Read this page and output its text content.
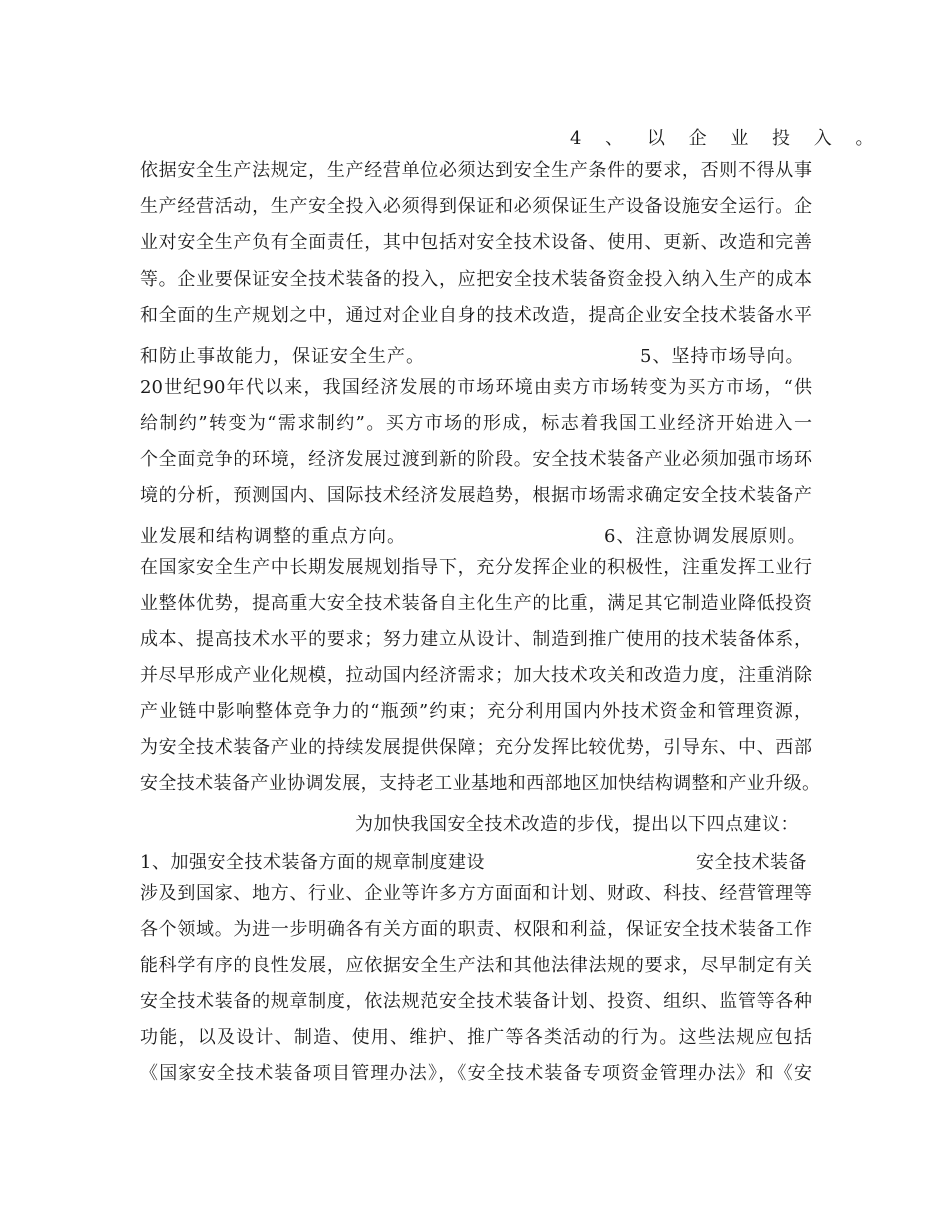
4 、 以 企 业 投 入 。
依据安全生产法规定，生产经营单位必须达到安全生产条件的要求，否则不得从事
生产经营活动，生产安全投入必须得到保证和必须保证生产设备设施安全运行。企
业对安全生产负有全面责任，其中包括对安全技术设备、使用、更新、改造和完善
等。企业要保证安全技术装备的投入，应把安全技术装备资金投入纳入生产的成本
和全面的生产规划之中，通过对企业自身的技术改造，提高企业安全技术装备水平
和防止事故能力，保证安全生产。	5、坚持市场导向。
20世纪90年代以来，我国经济发展的市场环境由卖方市场转变为买方市场，“供
给制约”转变为“需求制约”。买方市场的形成，标志着我国工业经济开始进入一
个全面竞争的环境，经济发展过渡到新的阶段。安全技术装备产业必须加强市场环
境的分析，预测国内、国际技术经济发展趋势，根据市场需求确定安全技术装备产
业发展和结构调整的重点方向。	6、注意协调发展原则。
在国家安全生产中长期发展规划指导下，充分发挥企业的积极性，注重发挥工业行
业整体优势，提高重大安全技术装备自主化生产的比重，满足其它制造业降低投资
成本、提高技术水平的要求；努力建立从设计、制造到推广使用的技术装备体系，
并尽早形成产业化规模，拉动国内经济需求；加大技术攻关和改造力度，注重消除
产业链中影响整体竞争力的“瓶颈”约束；充分利用国内外技术资金和管理资源，
为安全技术装备产业的持续发展提供保障；充分发挥比较优势，引导东、中、西部
安全技术装备产业协调发展，支持老工业基地和西部地区加快结构调整和产业升级。
为加快我国安全技术改造的步伐，提出以下四点建议：
1、加强安全技术装备方面的规章制度建设	安全技术装备
涉及到国家、地方、行业、企业等许多方方面面和计划、财政、科技、经营管理等
各个领域。为进一步明确各有关方面的职责、权限和利益，保证安全技术装备工作
能科学有序的良性发展，应依据安全生产法和其他法律法规的要求，尽早制定有关
安全技术装备的规章制度，依法规范安全技术装备计划、投资、组织、监管等各种
功能，以及设计、制造、使用、维护、推广等各类活动的行为。这些法规应包括
《国家安全技术装备项目管理办法》，《安全技术装备专项资金管理办法》和《安
